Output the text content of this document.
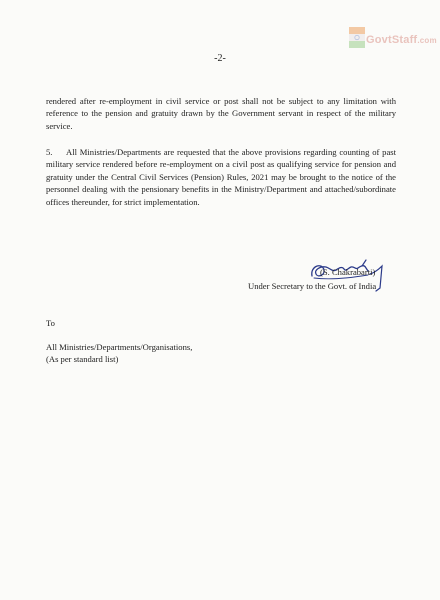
GovtStaff.com
-2-

rendered after re-employment in civil service or post shall not be subject to any limitation with reference to the pension and gratuity drawn by the Government servant in respect of the military service.

5. All Ministries/Departments are requested that the above provisions regarding counting of past military service rendered before re-employment on a civil post as qualifying service for pension and gratuity under the Central Civil Services (Pension) Rules, 2021 may be brought to the notice of the personnel dealing with the pensionary benefits in the Ministry/Department and attached/subordinate offices thereunder, for strict implementation.

(S. Chakrabarti)
Under Secretary to the Govt. of India
To
All Ministries/Departments/Organisations,
(As per standard list)
